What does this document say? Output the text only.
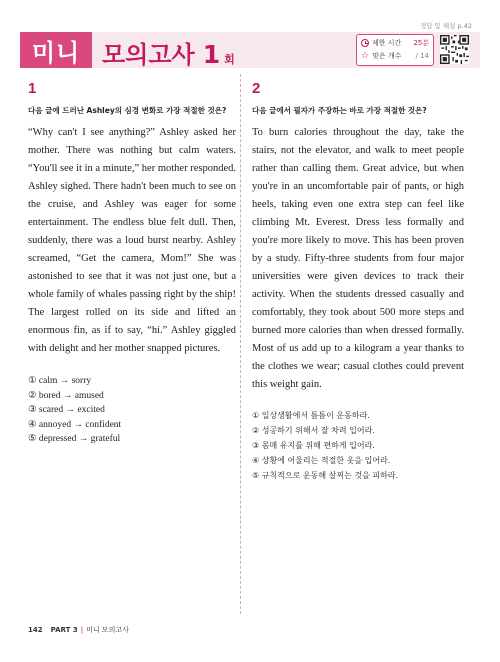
정답 및 해설 p.42
미니 모의고사 1 회
제한 시간 25분
☆ 맞은 개수 / 14
1
다음 글에 드러난 Ashley의 심경 변화로 가장 적절한 것은?
“Why can't I see anything?” Ashley asked her mother. There was nothing but calm waters. “You'll see it in a minute,” her mother responded. Ashley sighed. There hadn't been much to see on the cruise, and Ashley was eager for some entertainment. The endless blue felt dull. Then, suddenly, there was a loud burst nearby. Ashley screamed, “Get the camera, Mom!” She was astonished to see that it was not just one, but a whole family of whales passing right by the ship! The largest rolled on its side and lifted an enormous fin, as if to say, “hi.” Ashley giggled with delight and her mother snapped pictures.
① calm → sorry
② bored → amused
③ scared → excited
④ annoyed → confident
⑤ depressed → grateful
2
다음 글에서 필자가 주장하는 바로 가장 적절한 것은?
To burn calories throughout the day, take the stairs, not the elevator, and walk to meet people rather than calling them. Great advice, but when you're in an uncomfortable pair of pants, or high heels, taking even one extra step can feel like climbing Mt. Everest. Dress less formally and you're more likely to move. This has been proven by a study. Fifty-three students from four major universities were given devices to track their activity. When the students dressed casually and comfortably, they took about 500 more steps and burned more calories than when dressed formally. Most of us add up to a kilogram a year thanks to the clothes we wear; casual clothes could prevent this weight gain.
① 일상생활에서 틈틈이 운동하라.
② 성공하기 위해서 잘 차려 입어라.
③ 몸매 유지를 위해 편하게 입어라.
④ 상황에 어울리는 적절한 옷을 입어라.
⑤ 규칙적으로 운동해 살찌는 것을 피하라.
142 PART 3 | 미니 모의고사
